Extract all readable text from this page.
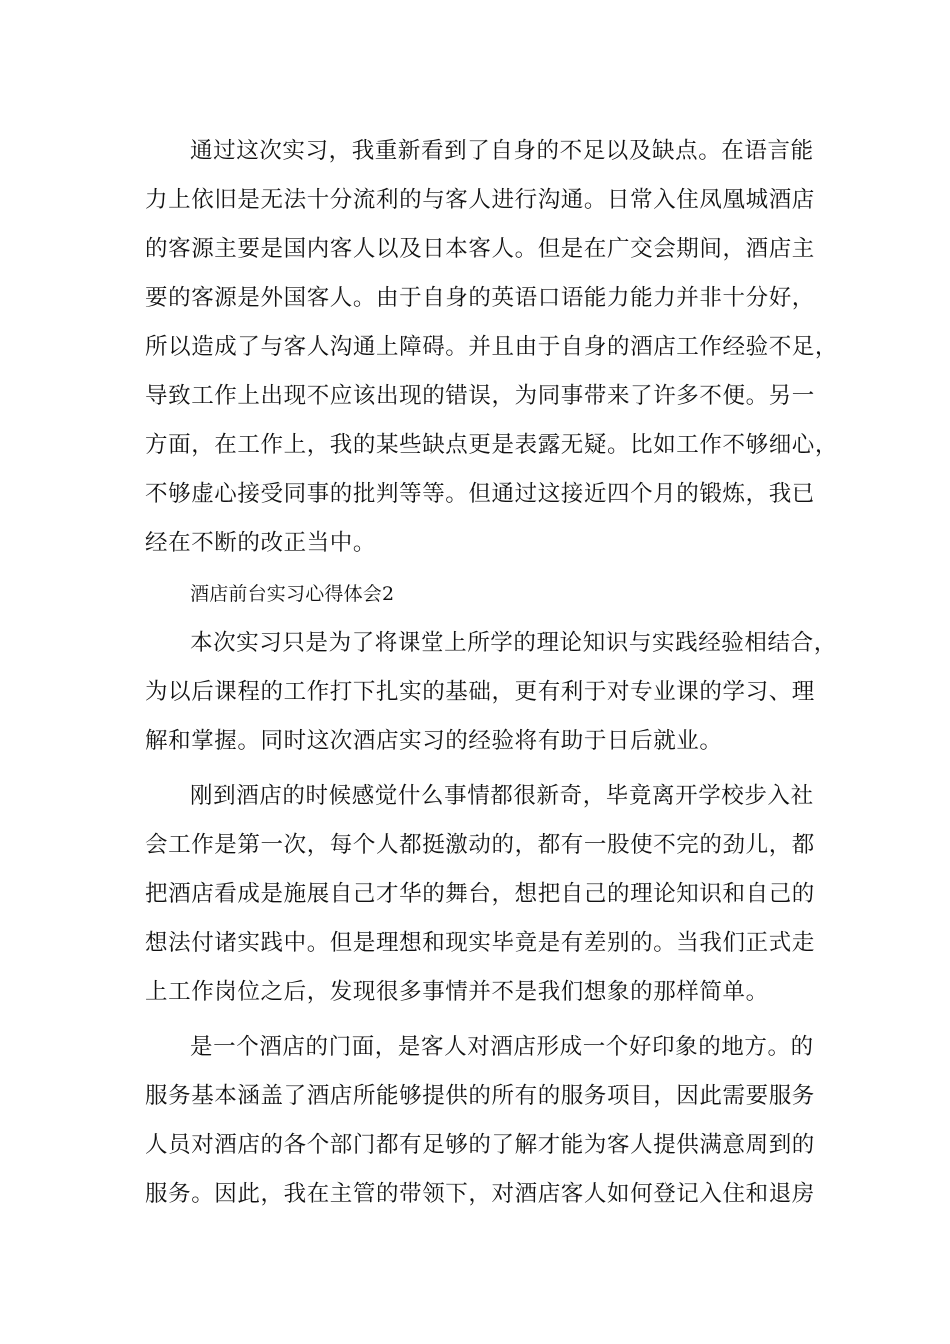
通过这次实习，我重新看到了自身的不足以及缺点。在语言能
力上依旧是无法十分流利的与客人进行沟通。日常入住凤凰城酒店
的客源主要是国内客人以及日本客人。但是在广交会期间，酒店主
要的客源是外国客人。由于自身的英语口语能力能力并非十分好，
所以造成了与客人沟通上障碍。并且由于自身的酒店工作经验不足，
导致工作上出现不应该出现的错误，为同事带来了许多不便。另一
方面，在工作上，我的某些缺点更是表露无疑。比如工作不够细心，
不够虚心接受同事的批判等等。但通过这接近四个月的锻炼，我已
经在不断的改正当中。
酒店前台实习心得体会2
本次实习只是为了将课堂上所学的理论知识与实践经验相结合，
为以后课程的工作打下扎实的基础，更有利于对专业课的学习、理
解和掌握。同时这次酒店实习的经验将有助于日后就业。
刚到酒店的时候感觉什么事情都很新奇，毕竟离开学校步入社
会工作是第一次，每个人都挺激动的，都有一股使不完的劲儿，都
把酒店看成是施展自己才华的舞台，想把自己的理论知识和自己的
想法付诸实践中。但是理想和现实毕竟是有差别的。当我们正式走
上工作岗位之后，发现很多事情并不是我们想象的那样简单。
是一个酒店的门面，是客人对酒店形成一个好印象的地方。的
服务基本涵盖了酒店所能够提供的所有的服务项目，因此需要服务
人员对酒店的各个部门都有足够的了解才能为客人提供满意周到的
服务。因此，我在主管的带领下，对酒店客人如何登记入住和退房
